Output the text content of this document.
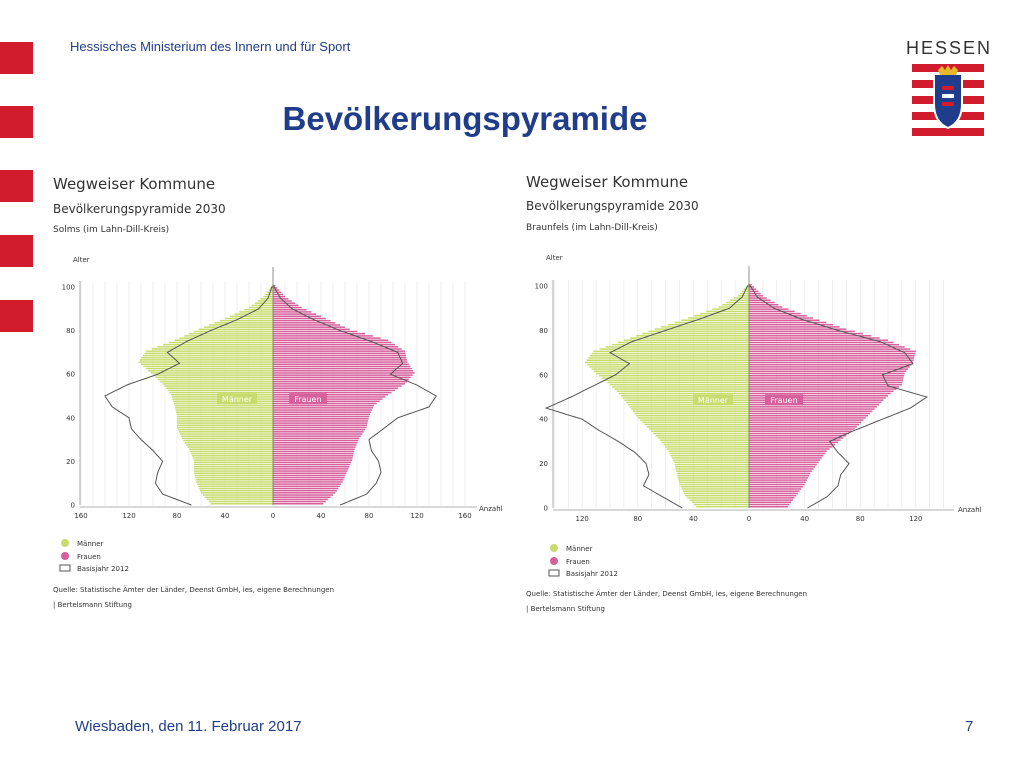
Hessisches Ministerium des Innern und für Sport	HESSEN
Bevölkerungspyramide
Wegweiser Kommune
Bevölkerungspyramide 2030
Solms (im Lahn-Dill-Kreis)
Alter
Anzahl
0
20
40
60
80
100
160	120	80	40	0	40	80	120	160
Männer	Frauen
Männer
Frauen
Basisjahr 2012
Quelle: Statistische Ämter der Länder, Deenst GmbH, ies, eigene Berechnungen
| Bertelsmann Stiftung
Wegweiser Kommune
Bevölkerungspyramide 2030
Braunfels (im Lahn-Dill-Kreis)
Alter
Anzahl
0
20
40
60
80
100
120	80	40	0	40	80	120
Männer	Frauen
Männer
Frauen
Basisjahr 2012
Quelle: Statistische Ämter der Länder, Deenst GmbH, ies, eigene Berechnungen
| Bertelsmann Stiftung
Wiesbaden, den 11. Februar 2017	7
